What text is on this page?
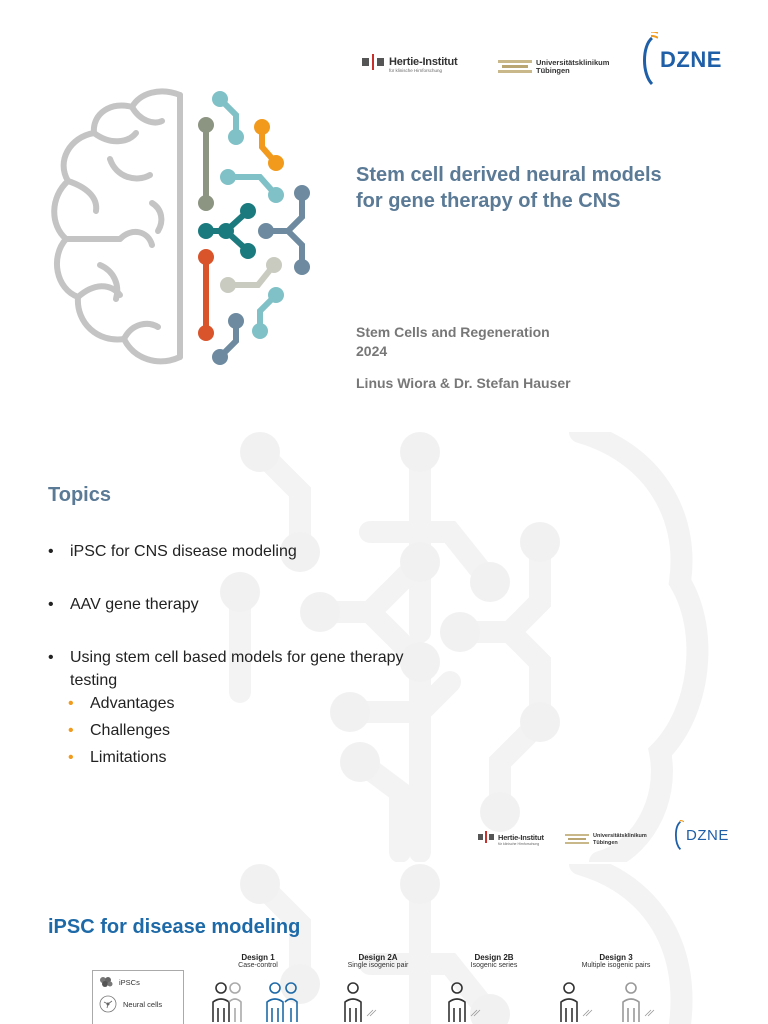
Hertie-Institut
für klinische Hirnforschung
Universitätsklinikum
Tübingen	DZNE
Stem cell derived neural models
for gene therapy of the CNS
Stem Cells and Regeneration
2024
Linus Wiora & Dr. Stefan Hauser
Topics
•	iPSC for CNS disease modeling
•	AAV gene therapy
•	Using stem cell based models for gene therapy testing
•	Advantages
•	Challenges
•	Limitations
Hertie-Institut
für klinische Hirnforschung
Universitätsklinikum
Tübingen	DZNE
iPSC for disease modeling
iPSCs
Neural cells
Design 1
Case-control
Design 2A
Single isogenic pair
Design 2B
Isogenic series
Design 3
Multiple isogenic pairs
